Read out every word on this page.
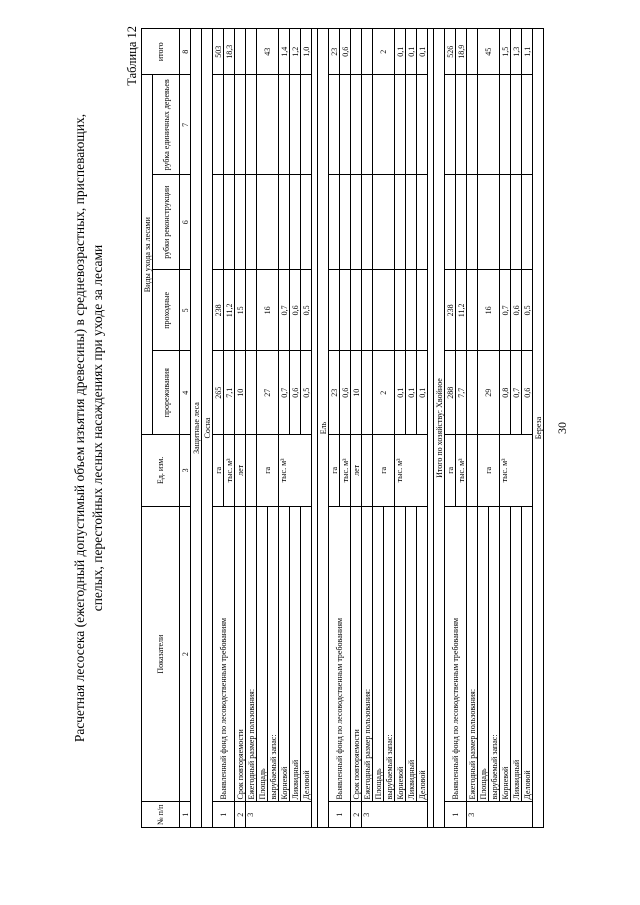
Расчетная лесосека (ежегодный допустимый объем изъятия древесины) в средневозрастных, приспевающих, спелых, перестойных лесных насаждениях при уходе за лесами
Таблица 12
№ п/п	Показатели	Ед. изм.	Виды ухода за лесами				итого
			прореживания	проходные	рубки реконструкции	рубка единичных деревьев	
1	2	3	4	5	6	7	8
Защитные леса							
Сосна							
1	Выявленный фонд по лесоводственным требованиям	га	265	238			503
		тыс. м³	7,1	11,2			18,3
2	Срок повторяемости	лет	10	15			
3	Ежегодный размер пользования:						
	Площадь	га	27	16			43
	вырубаемый запас:						
	Корневой	тыс. м³	0,7	0,7			1,4
	Ликвидный		0,6	0,6			1,2
	Деловой		0,5	0,5			1,0

Ель							
1	Выявленный фонд по лесоводственным требованиям	га	23				23
		тыс. м³	0,6				0,6
2	Срок повторяемости	лет	10				
3	Ежегодный размер пользования:						
	Площадь	га	2				2
	вырубаемый запас:						
	Корневой	тыс. м³	0,1				0,1
	Ликвидный		0,1				0,1
	Деловой		0,1				0,1

Итого по хозяйству: Хвойное							
1	Выявленный фонд по лесоводственным требованиям	га	288	238			526
		тыс. м³	7,7	11,2			18,9
3	Ежегодный размер пользования:						
	Площадь	га	29	16			45
	вырубаемый запас:						
	Корневой	тыс. м³	0,8	0,7			1,5
	Ликвидный		0,7	0,6			1,3
	Деловой		0,6	0,5			1,1
Береза							30
